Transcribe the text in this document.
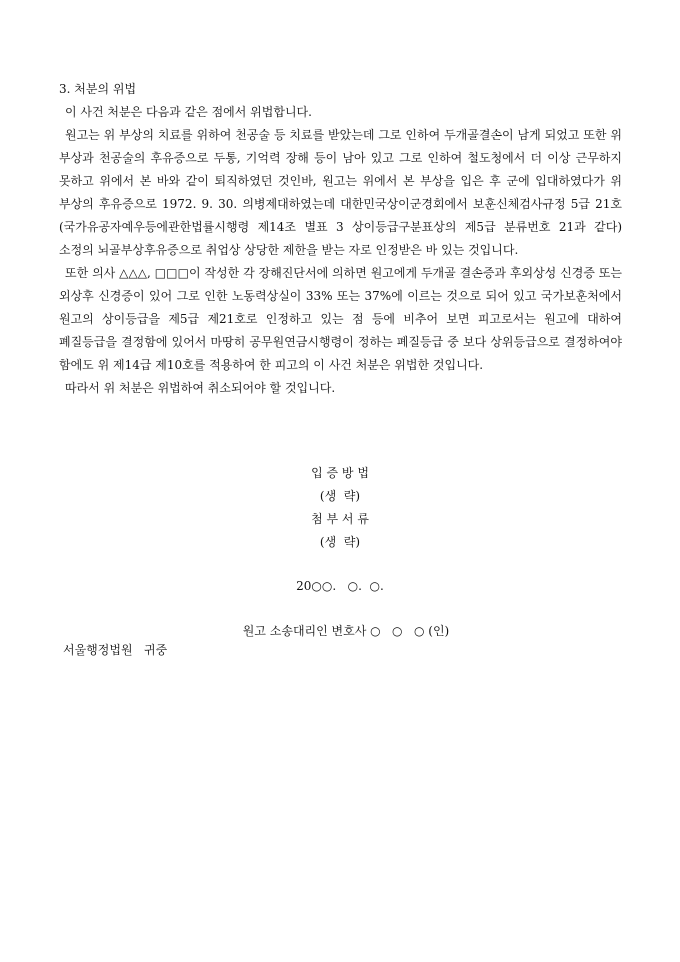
3. 처분의 위법

이 사건 처분은 다음과 같은 점에서 위법합니다.

원고는 위 부상의 치료를 위하여 천공술 등 치료를 받았는데 그로 인하여 두개골결손이 남게 되었고 또한 위 부상과 천공술의 후유증으로 두통, 기억력 장해 등이 남아 있고 그로 인하여 철도청에서 더 이상 근무하지 못하고 위에서 본 바와 같이 퇴직하였던 것인바, 원고는 위에서 본 부상을 입은 후 군에 입대하였다가 위 부상의 후유증으로 1972. 9. 30. 의병제대하였는데 대한민국상이군경회에서 보훈신체검사규정 5급 21호(국가유공자예우등에관한법률시행령 제14조 별표 3 상이등급구분표상의 제5급 분류번호 21과 같다) 소정의 뇌골부상후유증으로 취업상 상당한 제한을 받는 자로 인정받은 바 있는 것입니다.

또한 의사 △△△, □□□이 작성한 각 장해진단서에 의하면 원고에게 두개골 결손증과 후외상성 신경증 또는 외상후 신경증이 있어 그로 인한 노동력상실이 33% 또는 37%에 이르는 것으로 되어 있고 국가보훈처에서 원고의 상이등급을 제5급 제21호로 인정하고 있는 점 등에 비추어 보면 피고로서는 원고에 대하여 폐질등급을 결정함에 있어서 마땅히 공무원연금시행령이 정하는 폐질등급 중 보다 상위등급으로 결정하여야 함에도 위 제14급 제10호를 적용하여 한 피고의 이 사건 처분은 위법한 것입니다.

따라서 위 처분은 위법하여 취소되어야 할 것입니다.

입 증 방 법

(생  략)

첨 부 서 류

(생  략)

20○○.   ○.  ○.

원고 소송대리인 변호사 ○   ○   ○ (인)

서울행정법원   귀중
